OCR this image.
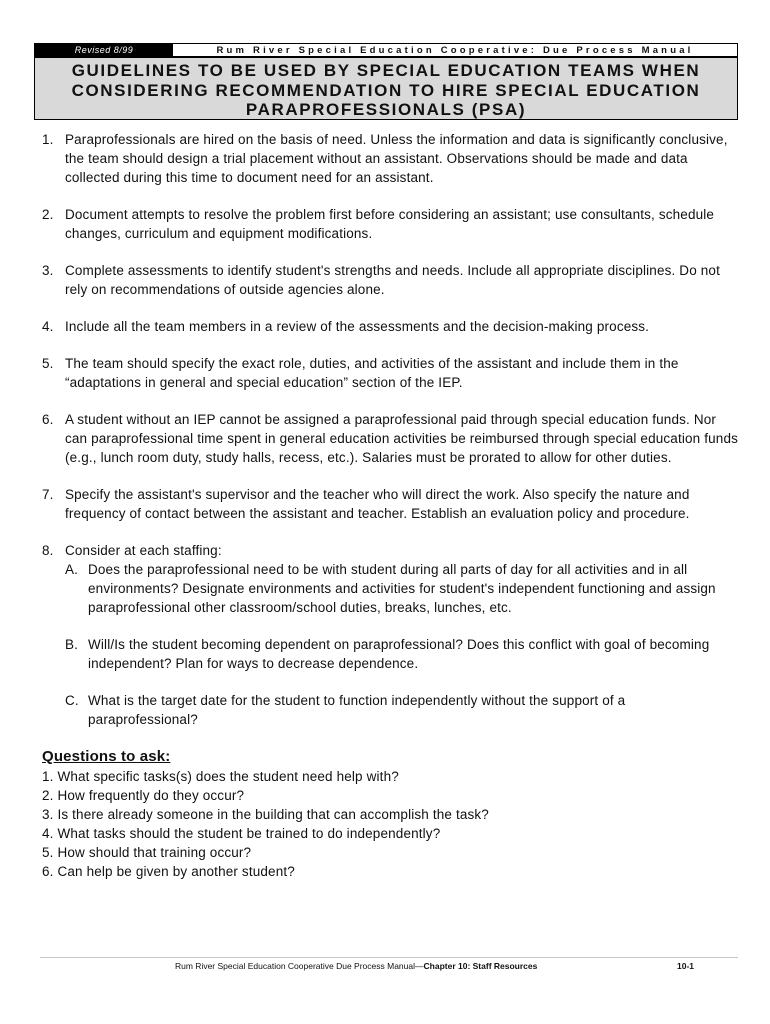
Revised 8/99	Rum River Special Education Cooperative: Due Process Manual
GUIDELINES TO BE USED BY SPECIAL EDUCATION TEAMS WHEN
CONSIDERING RECOMMENDATION TO HIRE SPECIAL EDUCATION
PARAPROFESSIONALS (PSA)
1. Paraprofessionals are hired on the basis of need. Unless the information and data is significantly conclusive, the team should design a trial placement without an assistant. Observations should be made and data collected during this time to document need for an assistant.
2. Document attempts to resolve the problem first before considering an assistant; use consultants, schedule changes, curriculum and equipment modifications.
3. Complete assessments to identify student's strengths and needs. Include all appropriate disciplines. Do not rely on recommendations of outside agencies alone.
4. Include all the team members in a review of the assessments and the decision-making process.
5. The team should specify the exact role, duties, and activities of the assistant and include them in the “adaptations in general and special education” section of the IEP.
6. A student without an IEP cannot be assigned a paraprofessional paid through special education funds. Nor can paraprofessional time spent in general education activities be reimbursed through special education funds (e.g., lunch room duty, study halls, recess, etc.). Salaries must be prorated to allow for other duties.
7. Specify the assistant's supervisor and the teacher who will direct the work. Also specify the nature and frequency of contact between the assistant and teacher. Establish an evaluation policy and procedure.
8. Consider at each staffing:
A. Does the paraprofessional need to be with student during all parts of day for all activities and in all environments? Designate environments and activities for student's independent functioning and assign paraprofessional other classroom/school duties, breaks, lunches, etc.
B. Will/Is the student becoming dependent on paraprofessional? Does this conflict with goal of becoming independent? Plan for ways to decrease dependence.
C. What is the target date for the student to function independently without the support of a paraprofessional?
Questions to ask:
1. What specific tasks(s) does the student need help with?
2. How frequently do they occur?
3. Is there already someone in the building that can accomplish the task?
4. What tasks should the student be trained to do independently?
5. How should that training occur?
6. Can help be given by another student?
Rum River Special Education Cooperative Due Process Manual—Chapter 10: Staff Resources	10-1
